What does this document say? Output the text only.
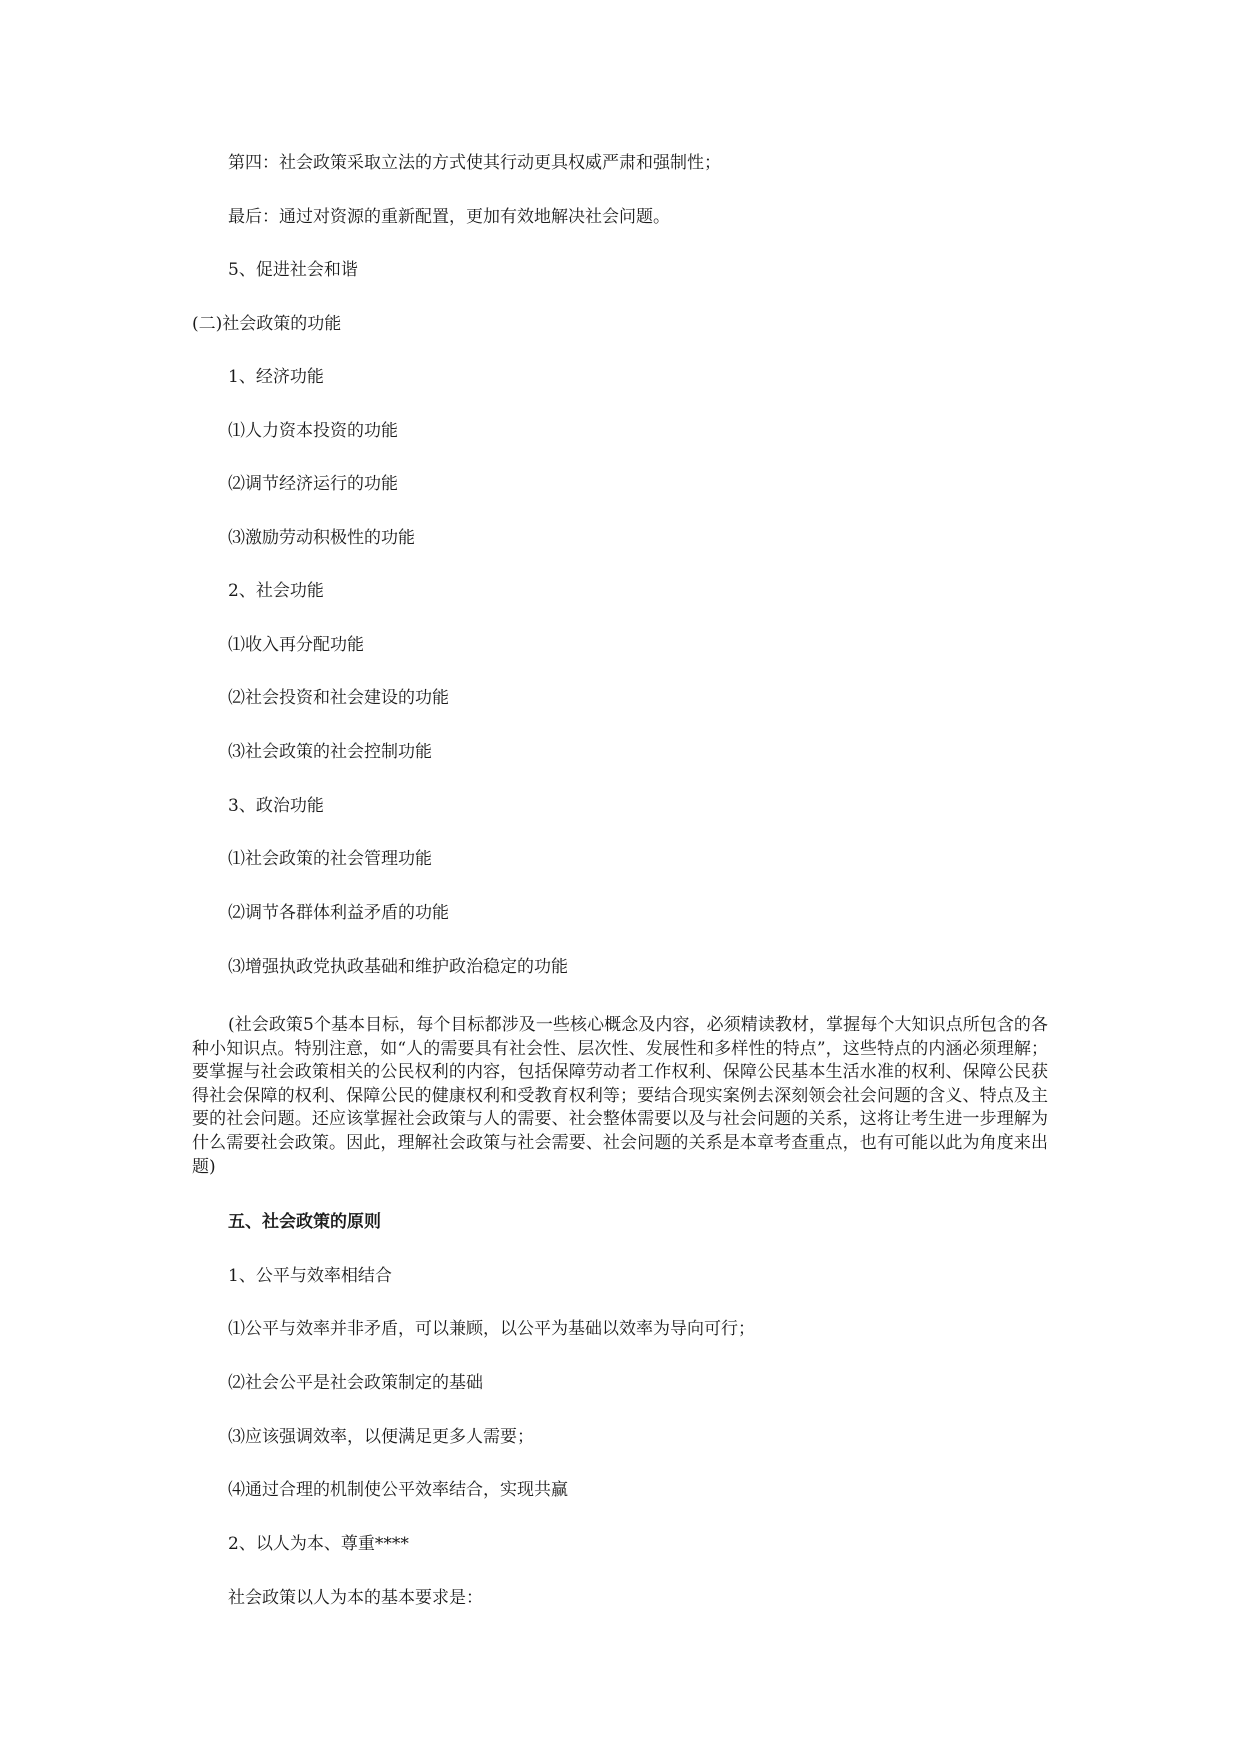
第四：社会政策采取立法的方式使其行动更具权威严肃和强制性；

最后：通过对资源的重新配置，更加有效地解决社会问题。

5、促进社会和谐

(二)社会政策的功能

1、经济功能

⑴人力资本投资的功能

⑵调节经济运行的功能

⑶激励劳动积极性的功能

2、社会功能

⑴收入再分配功能

⑵社会投资和社会建设的功能

⑶社会政策的社会控制功能

3、政治功能

⑴社会政策的社会管理功能

⑵调节各群体利益矛盾的功能

⑶增强执政党执政基础和维护政治稳定的功能

(社会政策5个基本目标，每个目标都涉及一些核心概念及内容，必须精读教材，掌握每个大知识点所包含的各种小知识点。特别注意，如“人的需要具有社会性、层次性、发展性和多样性的特点”，这些特点的内涵必须理解；要掌握与社会政策相关的公民权利的内容，包括保障劳动者工作权利、保障公民基本生活水准的权利、保障公民获得社会保障的权利、保障公民的健康权利和受教育权利等；要结合现实案例去深刻领会社会问题的含义、特点及主要的社会问题。还应该掌握社会政策与人的需要、社会整体需要以及与社会问题的关系，这将让考生进一步理解为什么需要社会政策。因此，理解社会政策与社会需要、社会问题的关系是本章考查重点，也有可能以此为角度来出题)

五、社会政策的原则

1、公平与效率相结合

⑴公平与效率并非矛盾，可以兼顾，以公平为基础以效率为导向可行；

⑵社会公平是社会政策制定的基础

⑶应该强调效率，以便满足更多人需要；

⑷通过合理的机制使公平效率结合，实现共赢

2、以人为本、尊重****

社会政策以人为本的基本要求是：
